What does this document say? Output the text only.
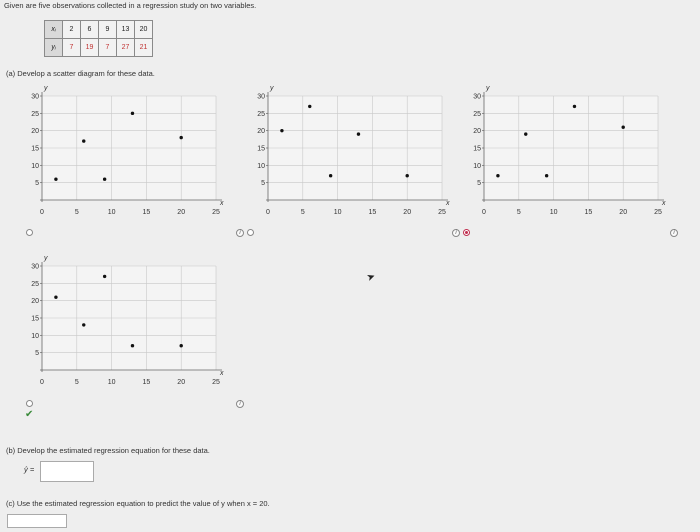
Given are five observations collected in a regression study on two variables.
xᵢ	2	6	9	13	20
yᵢ	7	19	7	27	21
(a) Develop a scatter diagram for these data.
5
10
15
20
25
30
0	5	10	15	20	25
y
x
5
10
15
20
25
30
0	5	10	15	20	25
y
x
5
10
15
20
25
30
0	5	10	15	20	25
y
x
5
10
15
20
25
30
0	5	10	15	20	25
y
x
i	i	i
✔
i
➤
(b) Develop the estimated regression equation for these data.
ŷ =
(c) Use the estimated regression equation to predict the value of y when x = 20.
